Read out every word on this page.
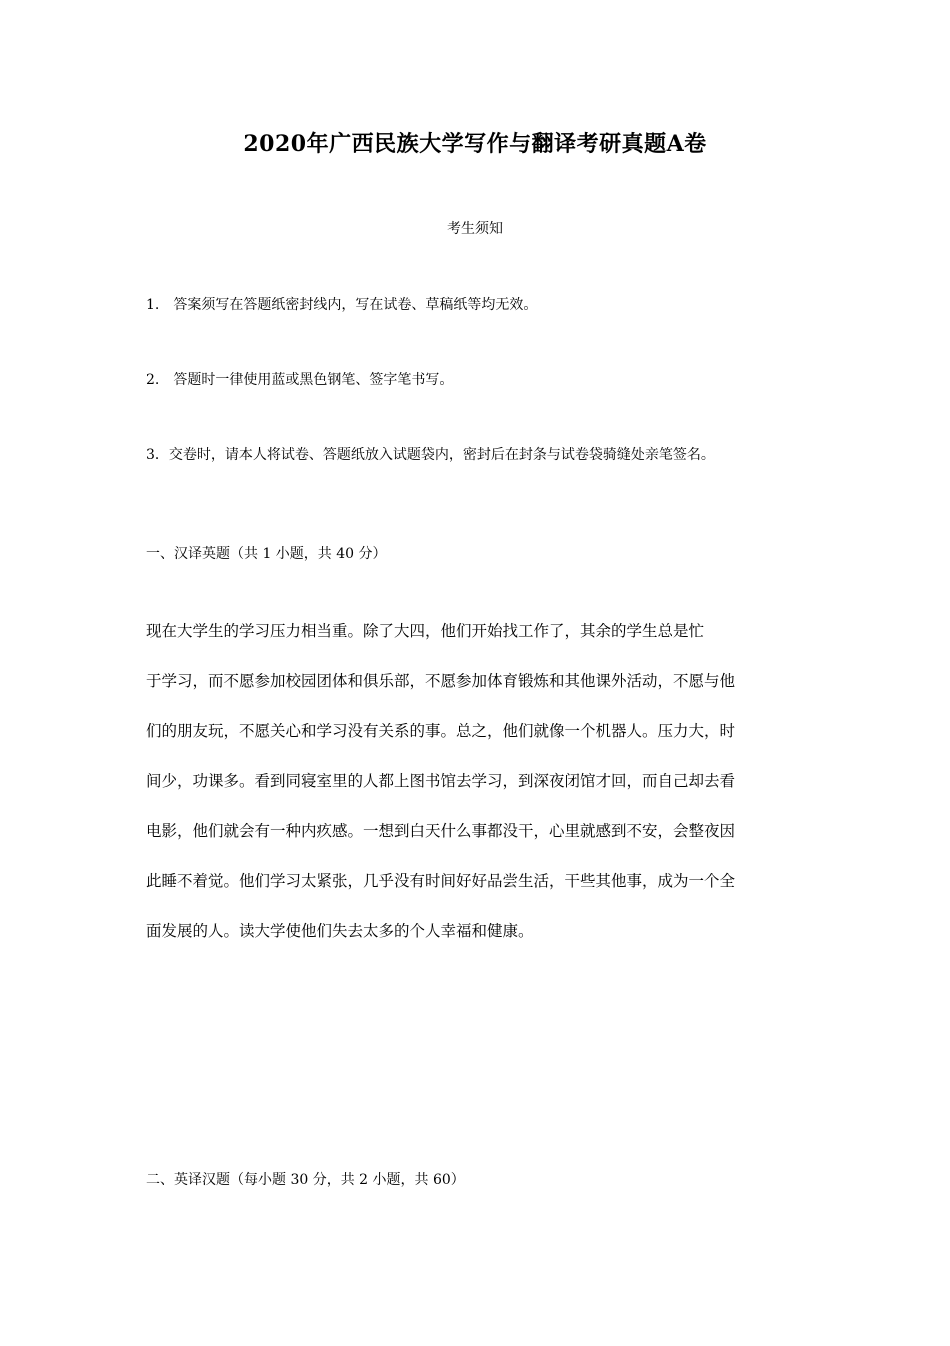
2020年广西民族大学写作与翻译考研真题A卷
考生须知
1.　答案须写在答题纸密封线内，写在试卷、草稿纸等均无效。
2.　答题时一律使用蓝或黑色钢笔、签字笔书写。
3．交卷时，请本人将试卷、答题纸放入试题袋内，密封后在封条与试卷袋骑缝处亲笔签名。
一、汉译英题（共 1 小题，共 40 分）
现在大学生的学习压力相当重。除了大四，他们开始找工作了，其余的学生总是忙
于学习，而不愿参加校园团体和俱乐部，不愿参加体育锻炼和其他课外活动，不愿与他
们的朋友玩，不愿关心和学习没有关系的事。总之，他们就像一个机器人。压力大，时
间少，功课多。看到同寝室里的人都上图书馆去学习，到深夜闭馆才回，而自己却去看
电影，他们就会有一种内疚感。一想到白天什么事都没干，心里就感到不安，会整夜因
此睡不着觉。他们学习太紧张，几乎没有时间好好品尝生活，干些其他事，成为一个全
面发展的人。读大学使他们失去太多的个人幸福和健康。
二、英译汉题（每小题 30 分，共 2 小题，共 60）
